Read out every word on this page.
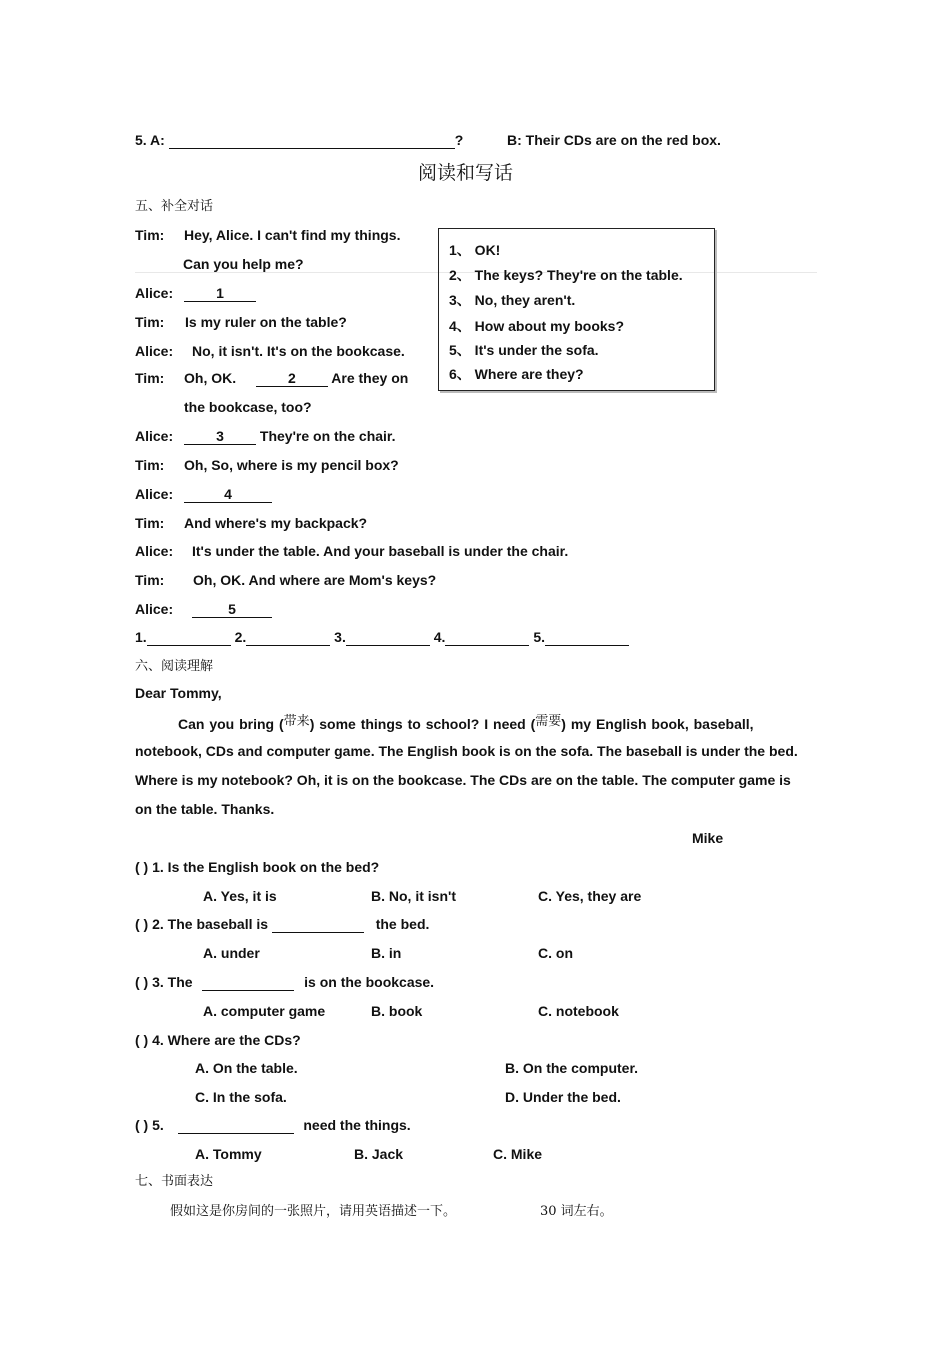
5. A:	?	B: Their CDs are on the red box.
阅读和写话
五、补全对话
Tim: Hey, Alice. I can't find my things.
Can you help me?
Alice:	1
Tim: Is my ruler on the table?
Alice: No, it isn't. It's on the bookcase.
Tim: Oh, OK.	2	Are they on
the bookcase, too?
Alice:	3	They're on the chair.
Tim: Oh, So, where is my pencil box?
Alice:	4
Tim: And where's my backpack?
Alice: It's under the table. And your baseball is under the chair.
Tim: Oh, OK. And where are Mom's keys?
Alice:	5
1、 OK!
2、 The keys? They're on the table.
3、 No, they aren't.
4、 How about my books?
5、 It's under the sofa.
6、 Where are they?
1.	2.	3.	4.	5.
六、阅读理解
Dear Tommy,
Can you bring (带来) some things to school? I need (需要) my English book, baseball,
notebook, CDs and computer game. The English book is on the sofa. The baseball is under the bed.
Where is my notebook? Oh, it is on the bookcase. The CDs are on the table. The computer game is
on the table. Thanks.
Mike
( ) 1. Is the English book on the bed?
A. Yes, it is	B. No, it isn't	C. Yes, they are
( ) 2. The baseball is	the bed.
A. under	B. in	C. on
( ) 3. The	is on the bookcase.
A. computer game	B. book	C. notebook
( ) 4. Where are the CDs?
A. On the table.	B. On the computer.
C. In the sofa.	D. Under the bed.
( ) 5.	need the things.
A. Tommy	B. Jack	C. Mike
七、书面表达
假如这是你房间的一张照片，请用英语描述一下。	30 词左右。
